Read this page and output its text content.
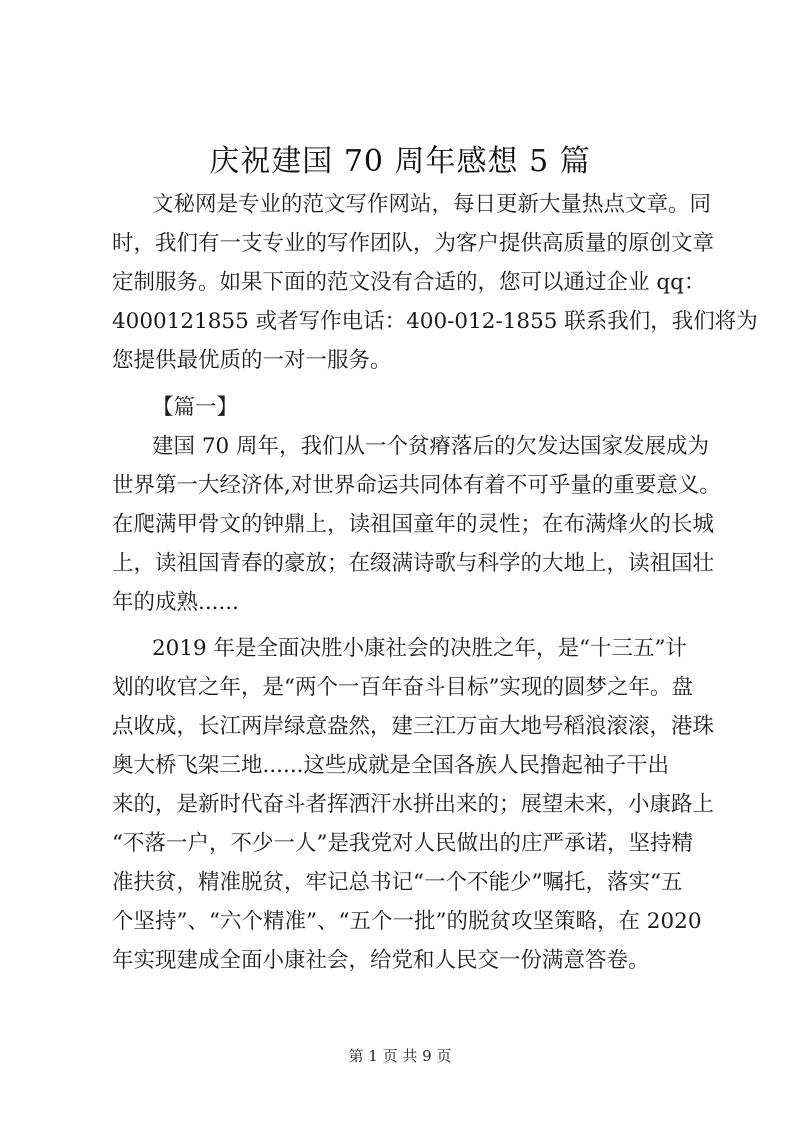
庆祝建国 70 周年感想 5 篇
文秘网是专业的范文写作网站，每日更新大量热点文章。同
时，我们有一支专业的写作团队，为客户提供高质量的原创文章
定制服务。如果下面的范文没有合适的，您可以通过企业 qq：
4000121855 或者写作电话：400-012-1855 联系我们，我们将为
您提供最优质的一对一服务。
【篇一】
建国 70 周年，我们从一个贫瘠落后的欠发达国家发展成为
世界第一大经济体,对世界命运共同体有着不可乎量的重要意义。
在爬满甲骨文的钟鼎上，读祖国童年的灵性；在布满烽火的长城
上，读祖国青春的豪放；在缀满诗歌与科学的大地上，读祖国壮
年的成熟......
2019 年是全面决胜小康社会的决胜之年，是“十三五”计
划的收官之年，是“两个一百年奋斗目标”实现的圆梦之年。盘
点收成，长江两岸绿意盎然，建三江万亩大地号稻浪滚滚，港珠
奥大桥飞架三地......这些成就是全国各族人民撸起袖子干出
来的，是新时代奋斗者挥洒汗水拼出来的；展望未来，小康路上
“不落一户，不少一人”是我党对人民做出的庄严承诺，坚持精
准扶贫，精准脱贫，牢记总书记“一个不能少”嘱托，落实“五
个坚持”、“六个精准”、“五个一批”的脱贫攻坚策略，在 2020
年实现建成全面小康社会，给党和人民交一份满意答卷。
第 1 页 共 9 页
